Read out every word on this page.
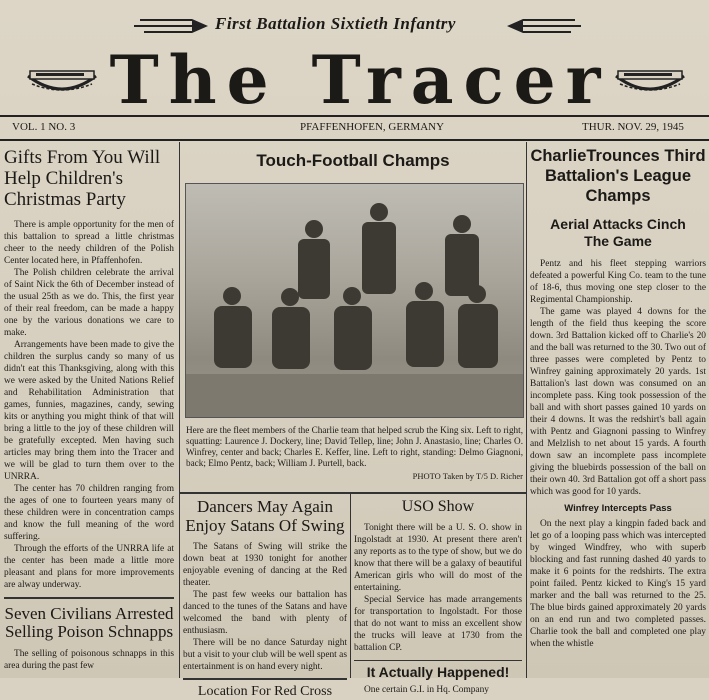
First Battalion Sixtieth Infantry
The Tracer
VOL. 1 NO. 3	PFAFFENHOFEN, GERMANY	THUR. NOV. 29, 1945
Gifts From You Will Help Children's Christmas Party

There is ample opportunity for the men of this battalion to spread a little christmas cheer to the needy children of the Polish Center located here, in Pfaffenhofen.

The Polish children celebrate the arrival of Saint Nick the 6th of December instead of the usual 25th as we do. This, the first year of their real freedom, can be made a happy one by the various donations we care to make.

Arrangements have been made to give the children the surplus candy so many of us didn't eat this Thanksgiving, along with this we were asked by the United Nations Relief and Rehabilitation Administration that games, funnies, magazines, candy, sewing kits or anything you might think of that will bring a little to the joy of these children will be gratefully excepted. Men having such articles may bring them into the Tracer and we will be glad to turn them over to the UNRRA.

The center has 70 children ranging from the ages of one to fourteen years many of these children were in concentration camps and know the full meaning of the word suffering.

Through the efforts of the UNRRA life at the center has been made a little more pleasant and plans for more improvements are alway underway.

Seven Civilians Arrested Selling Poison Schnapps

The selling of poisonous schnapps in this area during the past few

Touch-Football Champs
Here are the fleet members of the Charlie team that helped scrub the King six. Left to right, squatting: Laurence J. Dockery, line; David Tellep, line; John J. Anastasio, line; Charles O. Winfrey, center and back; Charles E. Keffer, line. Left to right, standing: Delmo Giagnoni, back; Elmo Pentz, back; William J. Purtell, back.
PHOTO Taken by T/5 D. Richer
Dancers May Again Enjoy Satans Of Swing

The Satans of Swing will strike the down beat at 1930 tonight for another enjoyable evening of dancing at the Red theater.

The past few weeks our battalion has danced to the tunes of the Satans and have welcomed the band with plenty of enthusiasm.

There will be no dance Saturday night but a visit to your club will be well spent as entertainment is on hand every night.

Location For Red Cross
USO Show

Tonight there will be a U. S. O. show in Ingolstadt at 1930. At present there aren't any reports as to the type of show, but we do know that there will be a galaxy of beautiful American girls who will do most of the entertaining.

Special Service has made arrangements for transportation to Ingolstadt. For those that do not want to miss an excellent show the trucks will leave at 1730 from the battalion CP.

It Actually Happened!

One certain G.I. in Hq. Company

CharlieTrounces Third Battalion's League Champs
Aerial Attacks Cinch The Game

Pentz and his fleet stepping warriors defeated a powerful King Co. team to the tune of 18-6, thus moving one step closer to the Regimental Championship.

The game was played 4 downs for the length of the field thus keeping the score down. 3rd Battalion kicked off to Charlie's 20 and the ball was returned to the 30. Two out of three passes were completed by Pentz to Winfrey gaining approximately 20 yards. 1st Battalion's last down was consumed on an incomplete pass. King took possession of the ball and with short passes gained 10 yards on their 4 downs. It was the redshirt's ball again with Pentz and Giagnoni passing to Winfrey and Melzlish to net about 15 yards. A fourth down saw an incomplete pass incomplete giving the bluebirds possession of the ball on their own 40. 3rd Battalion got off a short pass which was good for 10 yards.

Winfrey Intercepts Pass

On the next play a kingpin faded back and let go of a looping pass which was intercepted by winged Windfrey, who with superb blocking and fast running dashed 40 yards to make it 6 points for the redshirts. The extra point failed. Pentz kicked to King's 15 yard marker and the ball was returned to the 25. The blue birds gained approximately 20 yards on an end run and two completed passes. Charlie took the ball and completed one play when the whistle
